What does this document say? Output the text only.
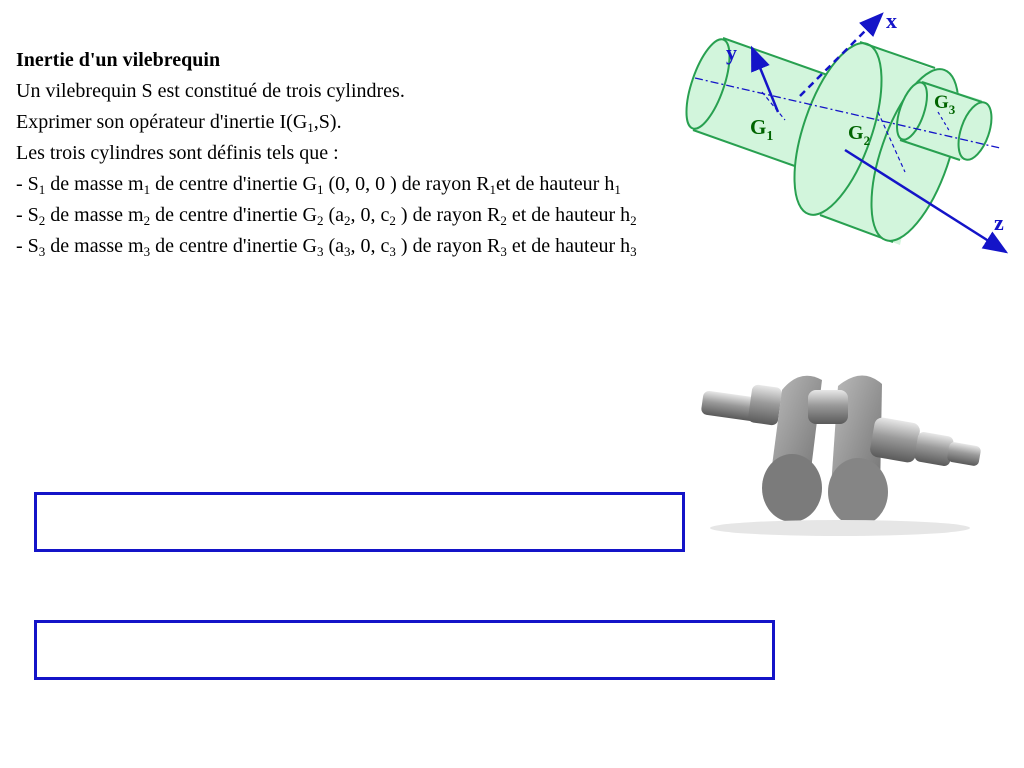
Inertie d'un vilebrequin
Un vilebrequin S est constitué de trois cylindres.
Exprimer son opérateur d'inertie $I(G_1,S)$.
Les trois cylindres sont définis tels que :
- $S_1$ de masse $m_1$ de centre d'inertie $G_1$ (0, 0, 0 ) de rayon $R_1et$ de hauteur $h_1$
- $S_2$ de masse $m_2$ de centre d'inertie $G_2$ ($a_2$, 0, $c_2$ ) de rayon $R_2$ et de hauteur $h_2$
- $S_3$ de masse $m_3$ de centre d'inertie $G_3$ ($a_3$, 0, $c_3$ ) de rayon $R_3$ et de hauteur $h_3$
x
y
z
$G_1$	$G_2$
$G_3$
